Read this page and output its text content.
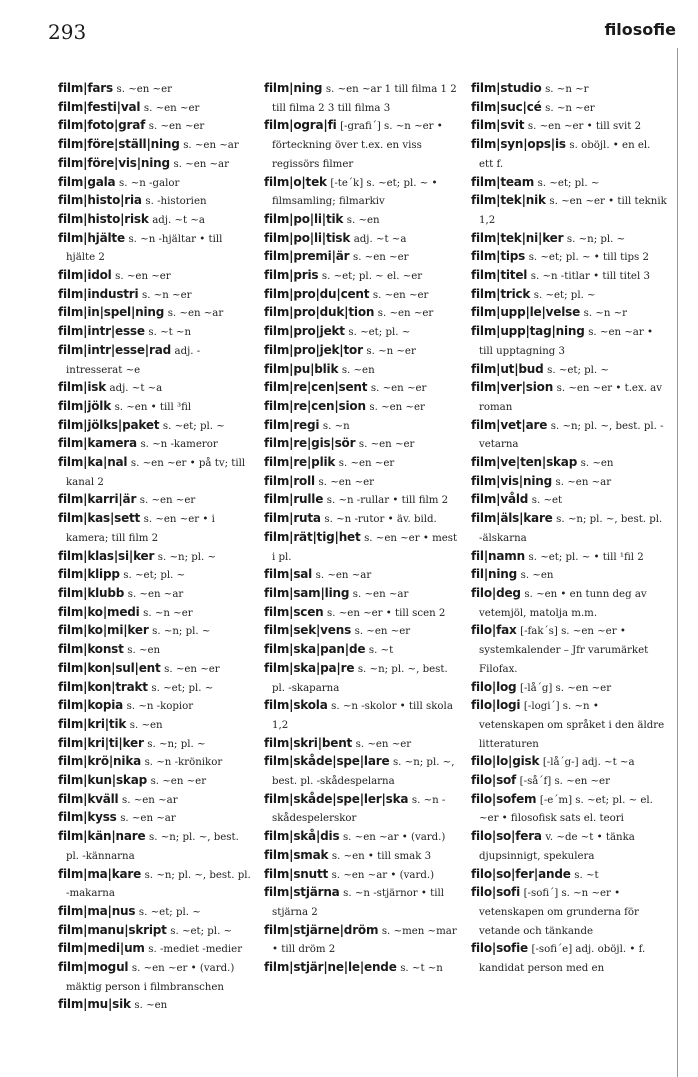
293	filosofie
film|fars s. ~en ~er
film|festi|val s. ~en ~er
film|foto|graf s. ~en ~er
film|före|ställ|ning s. ~en ~ar
film|före|vis|ning s. ~en ~ar
film|gala s. ~n -galor
film|histo|ria s. -historien
film|histo|risk adj. ~t ~a
film|hjälte s. ~n -hjältar • till hjälte 2
film|idol s. ~en ~er
film|industri s. ~n ~er
film|in|spel|ning s. ~en ~ar
film|intr|esse s. ~t ~n
film|intr|esse|rad adj. -intresserat ~e
film|isk adj. ~t ~a
film|jölk s. ~en • till ³fil
film|jölks|paket s. ~et; pl. ~
film|kamera s. ~n -kameror
film|ka|nal s. ~en ~er • på tv; till kanal 2
film|karri|är s. ~en ~er
film|kas|sett s. ~en ~er • i kamera; till film 2
film|klas|si|ker s. ~n; pl. ~
film|klipp s. ~et; pl. ~
film|klubb s. ~en ~ar
film|ko|medi s. ~n ~er
film|ko|mi|ker s. ~n; pl. ~
film|konst s. ~en
film|kon|sul|ent s. ~en ~er
film|kon|trakt s. ~et; pl. ~
film|kopia s. ~n -kopior
film|kri|tik s. ~en
film|kri|ti|ker s. ~n; pl. ~
film|krö|nika s. ~n -krönikor
film|kun|skap s. ~en ~er
film|kväll s. ~en ~ar
film|kyss s. ~en ~ar
film|kän|nare s. ~n; pl. ~, best. pl. -kännarna
film|ma|kare s. ~n; pl. ~, best. pl. -makarna
film|ma|nus s. ~et; pl. ~
film|manu|skript s. ~et; pl. ~
film|medi|um s. -mediet -medier
film|mogul s. ~en ~er • (vard.) mäktig person i filmbranschen
film|mu|sik s. ~en
film|ning s. ~en ~ar 1 till filma 1 2 till filma 2 3 till filma 3
film|ogra|fi [-grafi´] s. ~n ~er • förteckning över t.ex. en viss regissörs filmer
film|o|tek [-te´k] s. ~et; pl. ~ • filmsamling; filmarkiv
film|po|li|tik s. ~en
film|po|li|tisk adj. ~t ~a
film|premi|är s. ~en ~er
film|pris s. ~et; pl. ~ el. ~er
film|pro|du|cent s. ~en ~er
film|pro|duk|tion s. ~en ~er
film|pro|jekt s. ~et; pl. ~
film|pro|jek|tor s. ~n ~er
film|pu|blik s. ~en
film|re|cen|sent s. ~en ~er
film|re|cen|sion s. ~en ~er
film|regi s. ~n
film|re|gis|sör s. ~en ~er
film|re|plik s. ~en ~er
film|roll s. ~en ~er
film|rulle s. ~n -rullar • till film 2
film|ruta s. ~n -rutor • äv. bild.
film|rät|tig|het s. ~en ~er • mest i pl.
film|sal s. ~en ~ar
film|sam|ling s. ~en ~ar
film|scen s. ~en ~er • till scen 2
film|sek|vens s. ~en ~er
film|ska|pan|de s. ~t
film|ska|pa|re s. ~n; pl. ~, best. pl. -skaparna
film|skola s. ~n -skolor • till skola 1,2
film|skri|bent s. ~en ~er
film|skåde|spe|lare s. ~n; pl. ~, best. pl. -skådespelarna
film|skåde|spe|ler|ska s. ~n -skådespelerskor
film|skå|dis s. ~en ~ar • (vard.)
film|smak s. ~en • till smak 3
film|snutt s. ~en ~ar • (vard.)
film|stjärna s. ~n -stjärnor • till stjärna 2
film|stjärne|dröm s. ~men ~mar • till dröm 2
film|stjär|ne|le|ende s. ~t ~n
film|studio s. ~n ~r
film|suc|cé s. ~n ~er
film|svit s. ~en ~er • till svit 2
film|syn|ops|is s. oböjl. • en el. ett f.
film|team s. ~et; pl. ~
film|tek|nik s. ~en ~er • till teknik 1,2
film|tek|ni|ker s. ~n; pl. ~
film|tips s. ~et; pl. ~ • till tips 2
film|titel s. ~n -titlar • till titel 3
film|trick s. ~et; pl. ~
film|upp|le|velse s. ~n ~r
film|upp|tag|ning s. ~en ~ar • till upptagning 3
film|ut|bud s. ~et; pl. ~
film|ver|sion s. ~en ~er • t.ex. av roman
film|vet|are s. ~n; pl. ~, best. pl. -vetarna
film|ve|ten|skap s. ~en
film|vis|ning s. ~en ~ar
film|våld s. ~et
film|äls|kare s. ~n; pl. ~, best. pl. -älskarna
fil|namn s. ~et; pl. ~ • till ¹fil 2
fil|ning s. ~en
filo|deg s. ~en • en tunn deg av vetemjöl, matolja m.m.
filo|fax [-fak´s] s. ~en ~er • systemkalender – Jfr varumärket Filofax.
filo|log [-lå´g] s. ~en ~er
filo|logi [-logi´] s. ~n • vetenskapen om språket i den äldre litteraturen
filo|lo|gisk [-lå´g-] adj. ~t ~a
filo|sof [-så´f] s. ~en ~er
filo|sofem [-e´m] s. ~et; pl. ~ el. ~er • filosofisk sats el. teori
filo|so|fera v. ~de ~t • tänka djupsinnigt, spekulera
filo|so|fer|ande s. ~t
filo|sofi [-sofi´] s. ~n ~er • vetenskapen om grunderna för vetande och tänkande
filo|sofie [-sofi´e] adj. oböjl. • f. kandidat person med en
